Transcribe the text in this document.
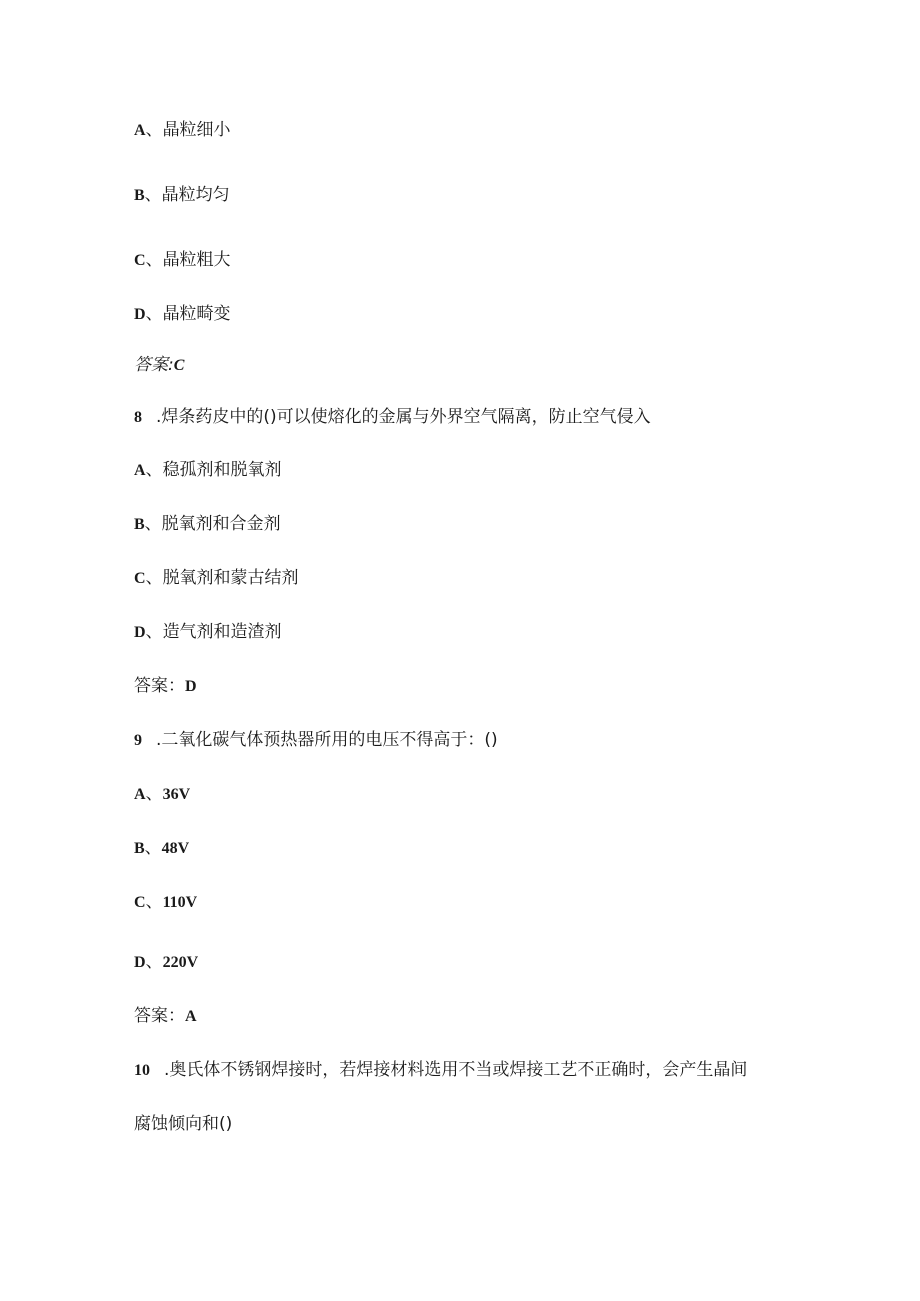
A、晶粒细小
B、晶粒均匀
C、晶粒粗大
D、晶粒畸变
答案:C
8 .焊条药皮中的()可以使熔化的金属与外界空气隔离，防止空气侵入
A、稳孤剂和脱氧剂
B、脱氧剂和合金剂
C、脱氧剂和蒙古结剂
D、造气剂和造渣剂
答案：D
9 .二氧化碳气体预热器所用的电压不得高于：()
A、36V
B、48V
C、110V
D、220V
答案：A
10 .奥氏体不锈钢焊接时，若焊接材料选用不当或焊接工艺不正确时，会产生晶间
腐蚀倾向和()
